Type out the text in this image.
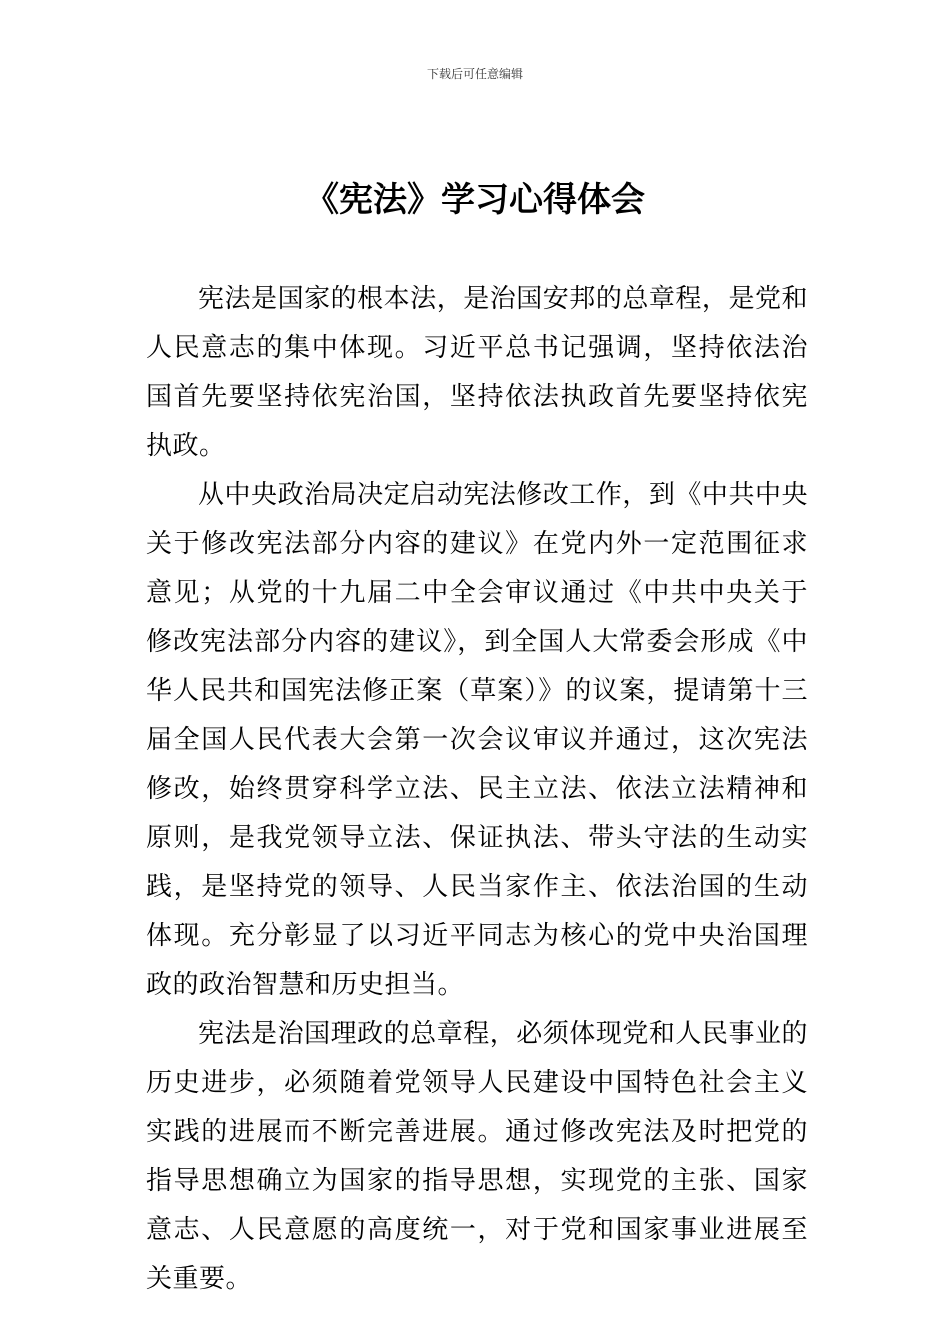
下载后可任意编辑
《宪法》学习心得体会

宪法是国家的根本法，是治国安邦的总章程，是党和人民意志的集中体现。习近平总书记强调，坚持依法治国首先要坚持依宪治国，坚持依法执政首先要坚持依宪执政。

从中央政治局决定启动宪法修改工作，到《中共中央关于修改宪法部分内容的建议》在党内外一定范围征求意见；从党的十九届二中全会审议通过《中共中央关于修改宪法部分内容的建议》，到全国人大常委会形成《中华人民共和国宪法修正案（草案）》的议案，提请第十三届全国人民代表大会第一次会议审议并通过，这次宪法修改，始终贯穿科学立法、民主立法、依法立法精神和原则，是我党领导立法、保证执法、带头守法的生动实践，是坚持党的领导、人民当家作主、依法治国的生动体现。充分彰显了以习近平同志为核心的党中央治国理政的政治智慧和历史担当。

宪法是治国理政的总章程，必须体现党和人民事业的历史进步，必须随着党领导人民建设中国特色社会主义实践的进展而不断完善进展。通过修改宪法及时把党的指导思想确立为国家的指导思想，实现党的主张、国家意志、人民意愿的高度统一，对于党和国家事业进展至关重要。
